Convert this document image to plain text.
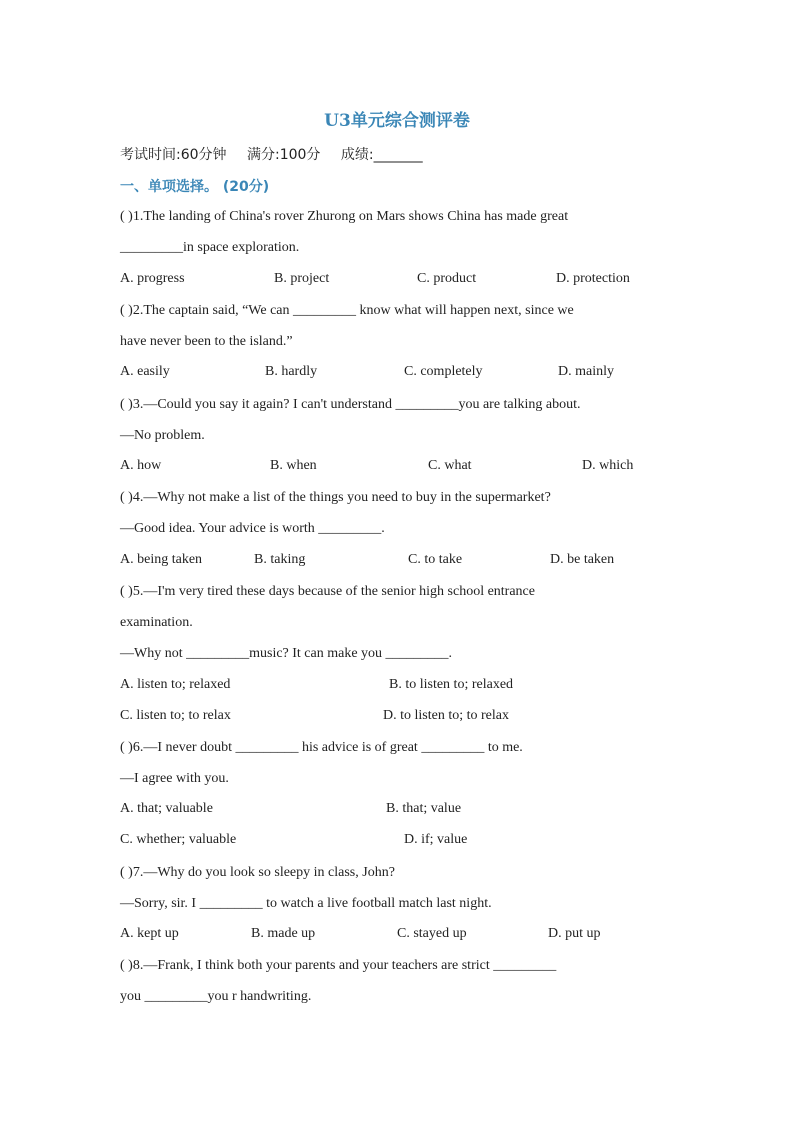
U3单元综合测评卷
考试时间:60分钟 满分:100分 成绩:_______
一、单项选择。 (20分)
( )1.The landing of China's rover Zhurong on Mars shows China has made great
_________in space exploration.
A. progress	B. project	C. product	D. protection
( )2.The captain said, “We can _________ know what will happen next, since we
have never been to the island.”
A. easily	B. hardly	C. completely	D. mainly
( )3.—Could you say it again? I can't understand _________you are talking about.
—No problem.
A. how	B. when	C. what	D. which
( )4.—Why not make a list of the things you need to buy in the supermarket?
—Good idea. Your advice is worth _________.
A. being taken	B. taking	C. to take	D. be taken
( )5.—I'm very tired these days because of the senior high school entrance
examination.
—Why not _________music? It can make you _________.
A. listen to; relaxed	B. to listen to; relaxed
C. listen to; to relax	D. to listen to; to relax
( )6.—I never doubt _________ his advice is of great _________ to me.
—I agree with you.
A. that; valuable	B. that; value
C. whether; valuable	D. if; value
( )7.—Why do you look so sleepy in class, John?
—Sorry, sir. I _________ to watch a live football match last night.
A. kept up	B. made up	C. stayed up	D. put up
( )8.—Frank, I think both your parents and your teachers are strict _________
you _________you r handwriting.
